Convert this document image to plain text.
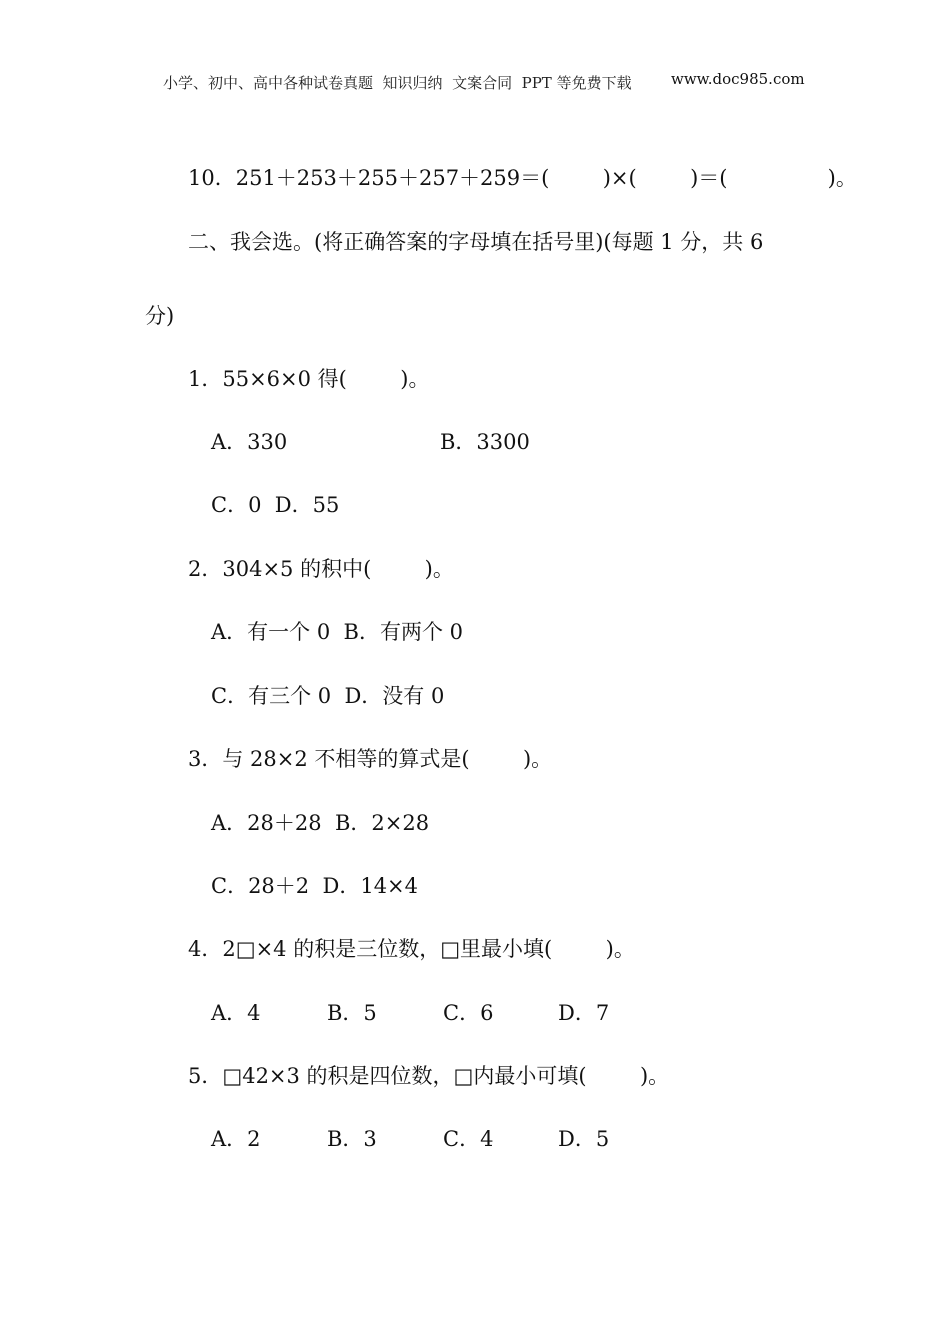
小学、初中、高中各种试卷真题  知识归纳  文案合同  PPT 等免费下载	www.doc985.com
10．251＋253＋255＋257＋259＝(        )×(        )＝(               )。
二、我会选。(将正确答案的字母填在括号里)(每题 1 分，共 6
分)
1．55×6×0 得(        )。
A．330	B．3300
C．0  D．55
2．304×5 的积中(        )。
A．有一个 0  B．有两个 0
C．有三个 0  D．没有 0
3．与 28×2 不相等的算式是(        )。
A．28＋28  B．2×28
C．28＋2  D．14×4
4．2□×4 的积是三位数，□里最小填(        )。
A．4	B．5	C．6	D．7
5．□42×3 的积是四位数，□内最小可填(        )。
A．2	B．3	C．4	D．5
